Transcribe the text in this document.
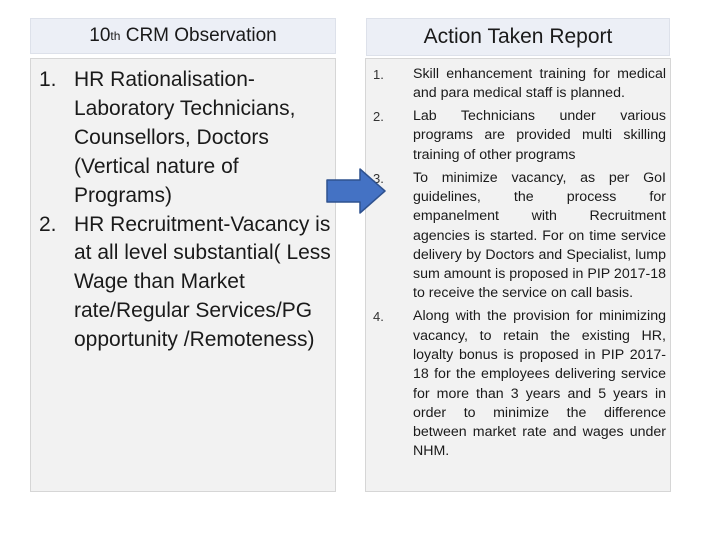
10 th CRM Observation	Action Taken Report
1. HR Rationalisation-Laboratory Technicians, Counsellors, Doctors (Vertical nature of Programs)
2. HR Recruitment-Vacancy is at all level substantial( Less Wage than Market rate/Regular Services/PG opportunity /Remoteness)
1. Skill enhancement training for medical and para medical staff is planned.
2. Lab Technicians under various programs are provided multi skilling training of other programs
3. To minimize vacancy, as per GoI guidelines, the process for empanelment with Recruitment agencies is started. For on time service delivery by Doctors and Specialist, lump sum amount is proposed in PIP 2017-18 to receive the service on call basis.
4. Along with the provision for minimizing vacancy, to retain the existing HR, loyalty bonus is proposed in PIP 2017-18 for the employees delivering service for more than 3 years and 5 years in order to minimize the difference between market rate and wages under NHM.
